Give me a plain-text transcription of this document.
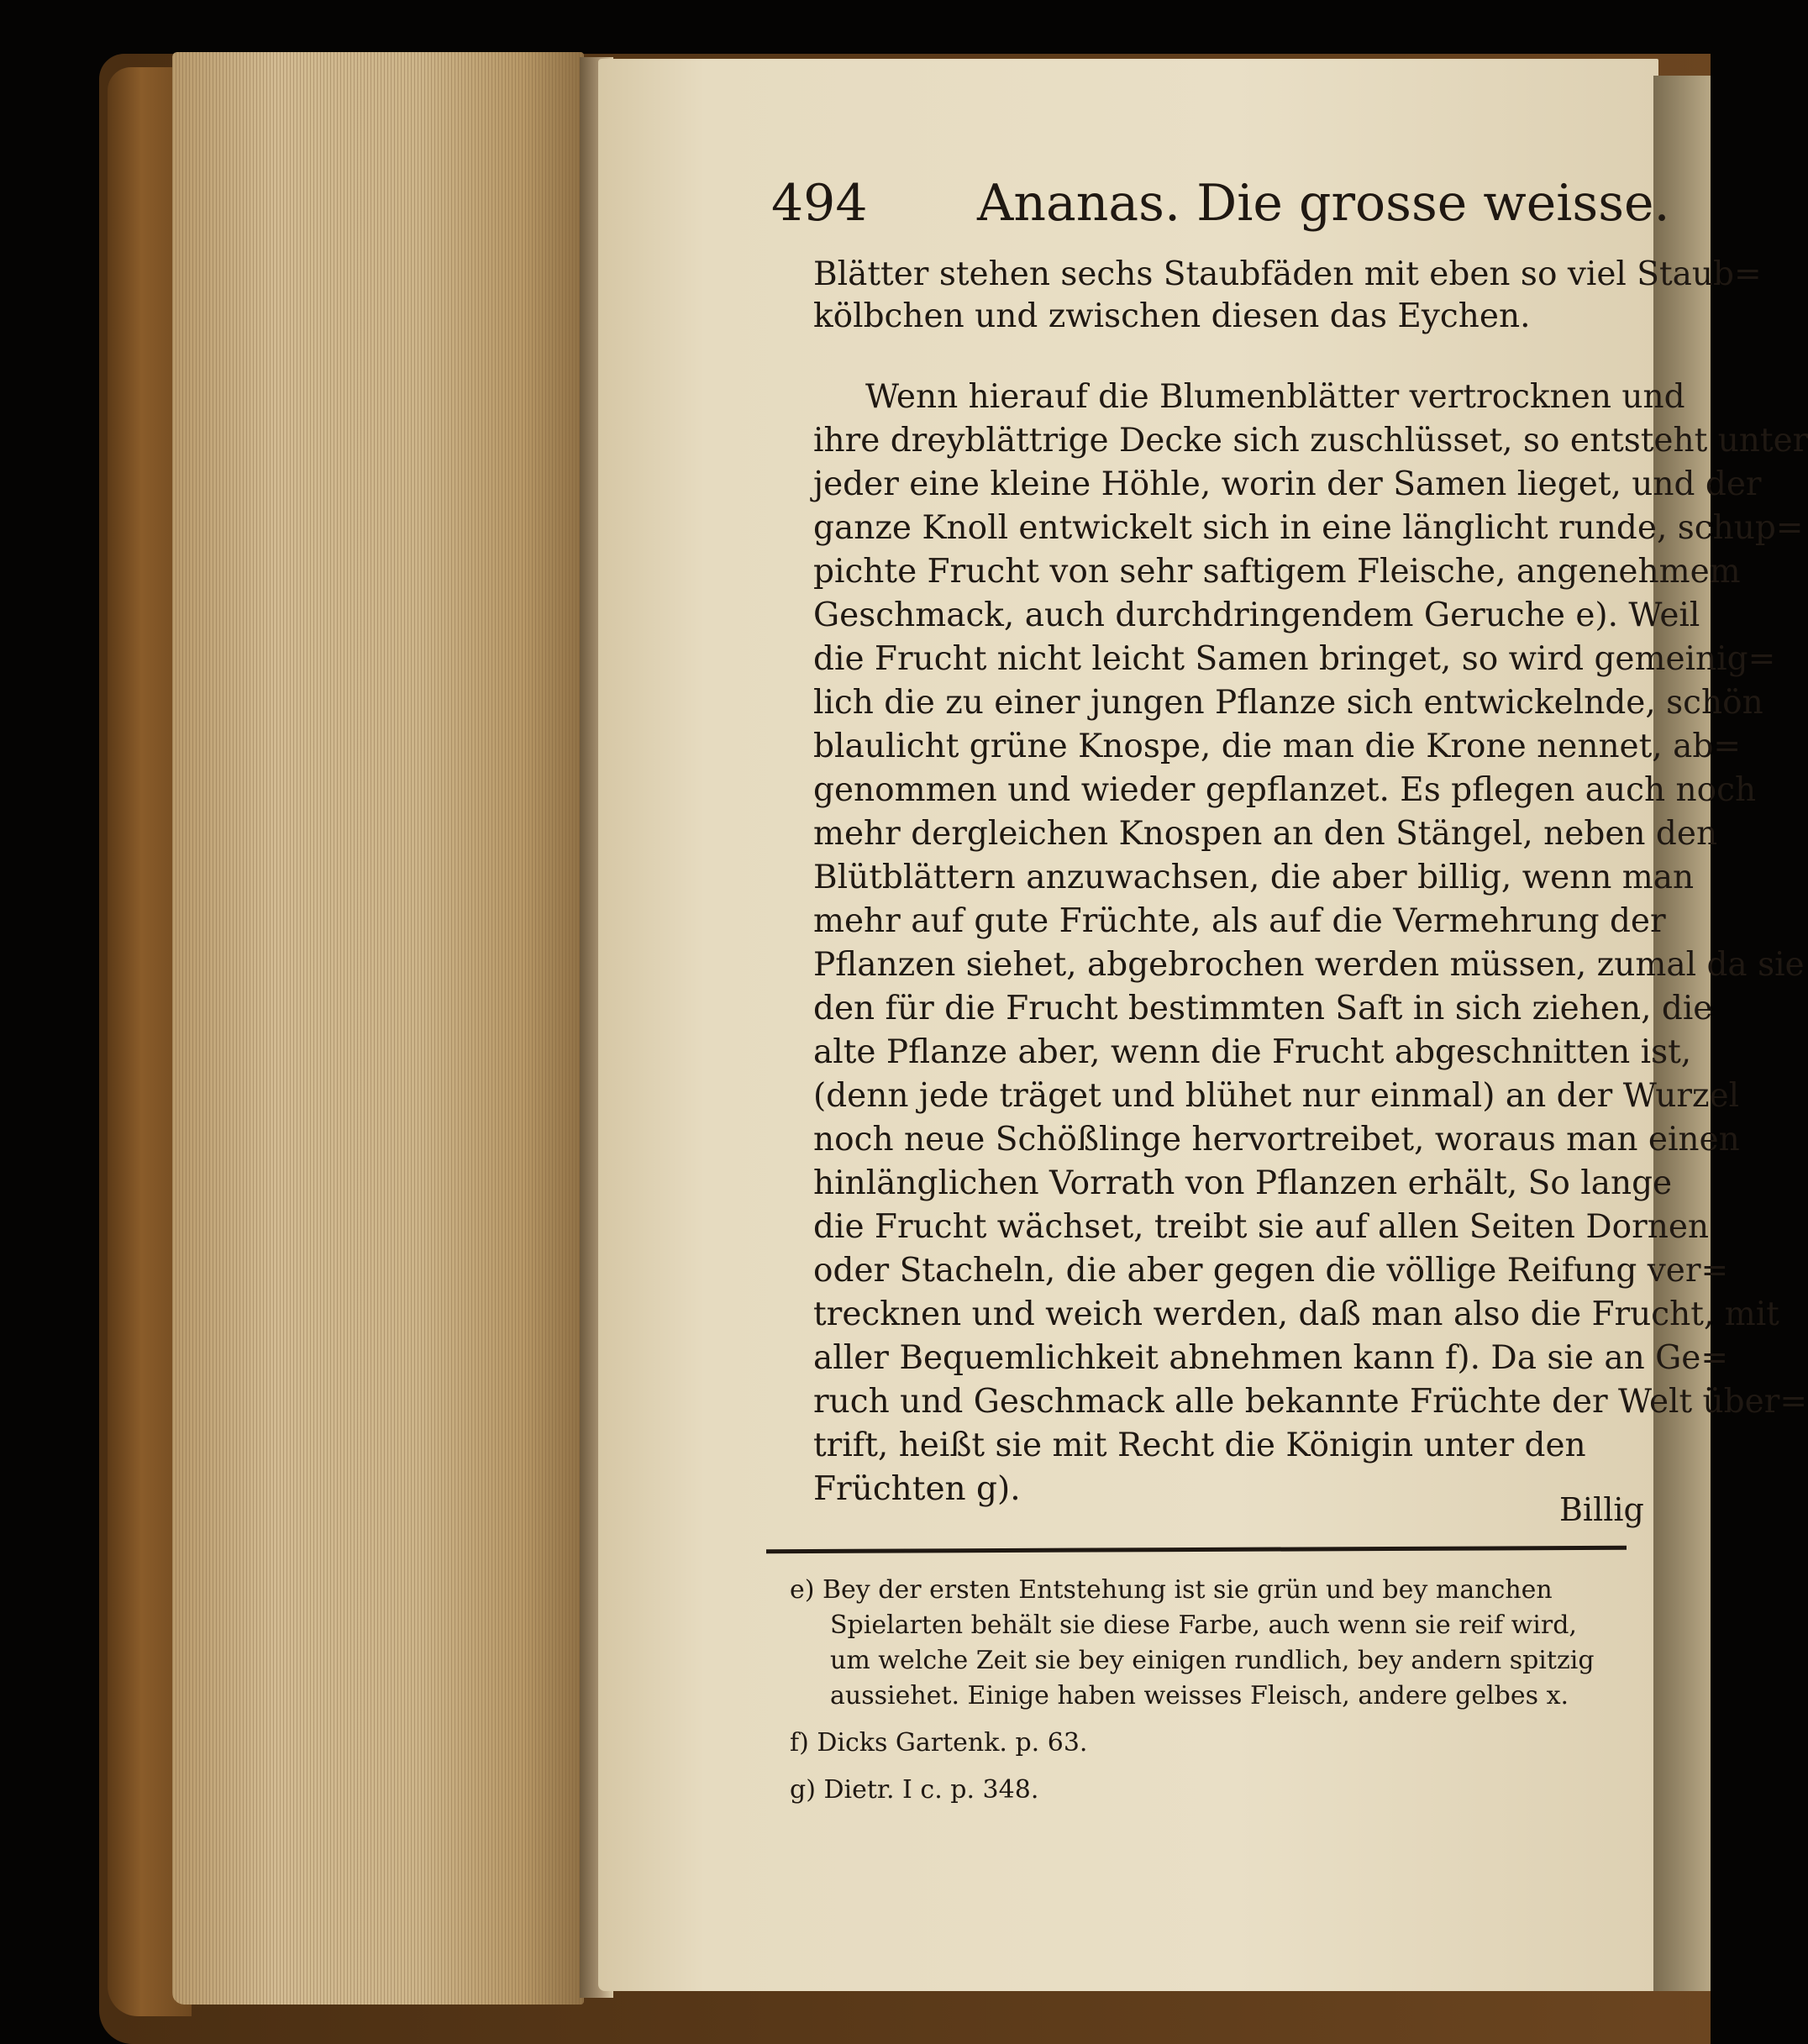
494 Ananas. Die grosse weisse.
Blätter stehen sechs Staubfäden mit eben so viel Staub=
kölbchen und zwischen diesen das Eychen.
Wenn hierauf die Blumenblätter vertrocknen und
ihre dreyblättrige Decke sich zuschlüsset, so entsteht unter
jeder eine kleine Höhle, worin der Samen lieget, und der
ganze Knoll entwickelt sich in eine länglicht runde, schup=
pichte Frucht von sehr saftigem Fleische, angenehmem
Geschmack, auch durchdringendem Geruche e). Weil
die Frucht nicht leicht Samen bringet, so wird gemeinig=
lich die zu einer jungen Pflanze sich entwickelnde, schön
blaulicht grüne Knospe, die man die Krone nennet, ab=
genommen und wieder gepflanzet. Es pflegen auch noch
mehr dergleichen Knospen an den Stängel, neben den
Blütblättern anzuwachsen, die aber billig, wenn man
mehr auf gute Früchte, als auf die Vermehrung der
Pflanzen siehet, abgebrochen werden müssen, zumal da sie
den für die Frucht bestimmten Saft in sich ziehen, die
alte Pflanze aber, wenn die Frucht abgeschnitten ist,
(denn jede träget und blühet nur einmal) an der Wurzel
noch neue Schößlinge hervortreibet, woraus man einen
hinlänglichen Vorrath von Pflanzen erhält, So lange
die Frucht wächset, treibt sie auf allen Seiten Dornen
oder Stacheln, die aber gegen die völlige Reifung ver=
trecknen und weich werden, daß man also die Frucht, mit
aller Bequemlichkeit abnehmen kann f). Da sie an Ge=
ruch und Geschmack alle bekannte Früchte der Welt über=
trift, heißt sie mit Recht die Königin unter den
Früchten g).
Billig
e) Bey der ersten Entstehung ist sie grün und bey manchen
Spielarten behält sie diese Farbe, auch wenn sie reif wird,
um welche Zeit sie bey einigen rundlich, bey andern spitzig
aussiehet. Einige haben weisses Fleisch, andere gelbes x.
f) Dicks Gartenk. p. 63.
g) Dietr. I c. p. 348.
